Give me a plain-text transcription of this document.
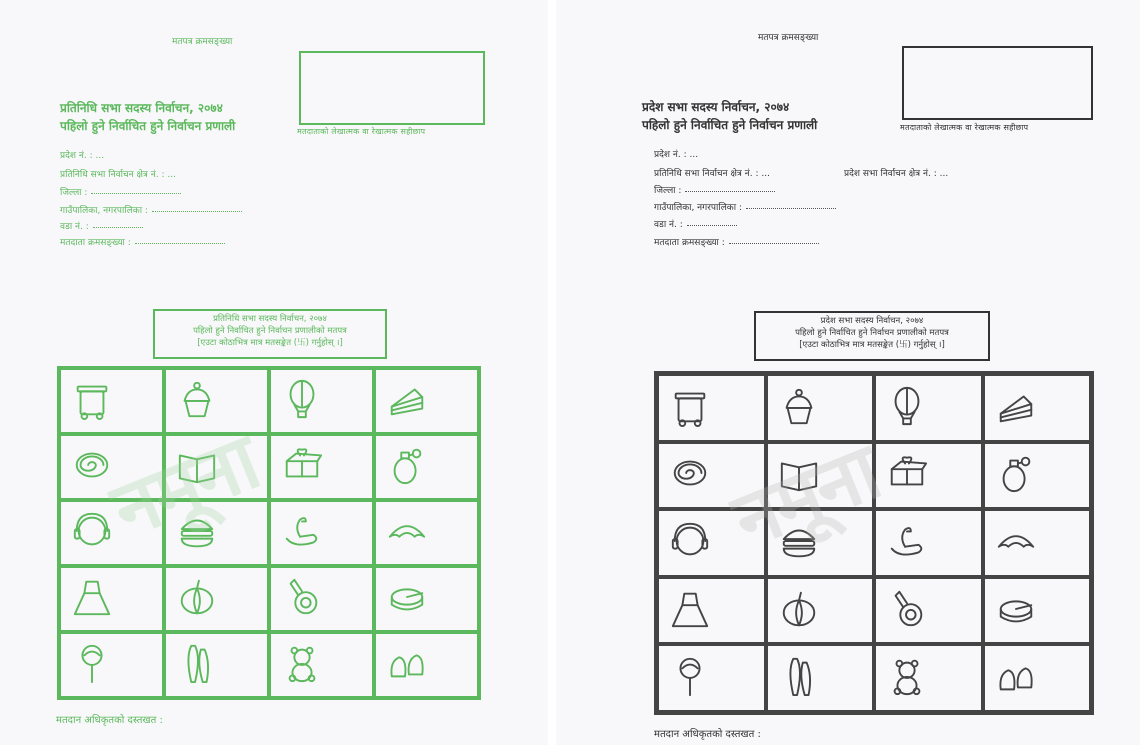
मतपत्र क्रमसङ्ख्या
मतदाताको लेखात्मक वा रेखात्मक सहीछाप
प्रतिनिधि सभा सदस्य निर्वाचन, २०७४
पहिलो हुने निर्वाचित हुने निर्वाचन प्रणाली
प्रदेश नं. : ...
प्रतिनिधि सभा निर्वाचन क्षेत्र नं. : ...
जिल्ला :
गाउँपालिका, नगरपालिका :
वडा नं. :
मतदाता क्रमसङ्ख्या :
प्रतिनिधि सभा सदस्य निर्वाचन, २०७४
पहिलो हुने निर्वाचित हुने निर्वाचन प्रणालीको मतपत्र
[एउटा कोठाभित्र मात्र मतसङ्केत (卐) गर्नुहोस् ।]
नमूना
मतदान अधिकृतको दस्तखत :
मतपत्र क्रमसङ्ख्या
मतदाताको लेखात्मक वा रेखात्मक सहीछाप
प्रदेश सभा सदस्य निर्वाचन, २०७४
पहिलो हुने निर्वाचित हुने निर्वाचन प्रणाली
प्रदेश नं. : ...
प्रतिनिधि सभा निर्वाचन क्षेत्र नं. : ...	प्रदेश सभा निर्वाचन क्षेत्र नं. : ...
जिल्ला :
गाउँपालिका, नगरपालिका :
वडा नं. :
मतदाता क्रमसङ्ख्या :
प्रदेश सभा सदस्य निर्वाचन, २०७४
पहिलो हुने निर्वाचित हुने निर्वाचन प्रणालीको मतपत्र
[एउटा कोठाभित्र मात्र मतसङ्केत (卐) गर्नुहोस् ।]
नमूना
मतदान अधिकृतको दस्तखत :
